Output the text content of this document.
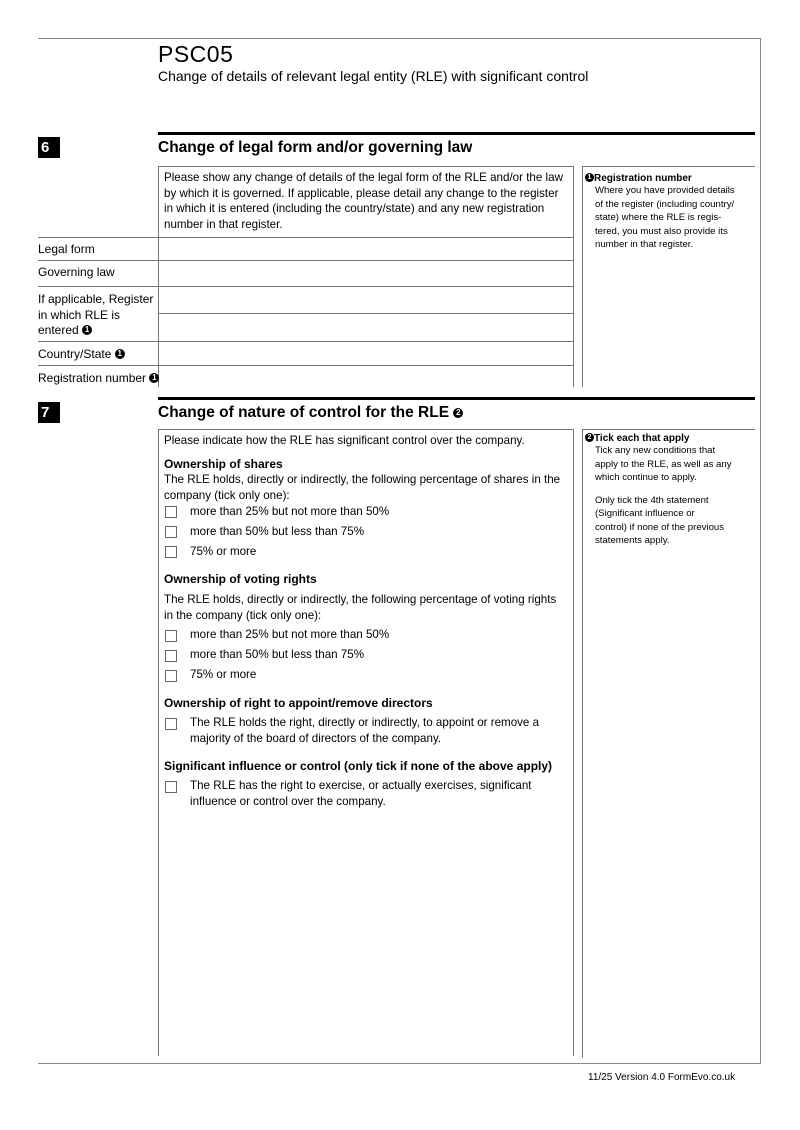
PSC05
Change of details of relevant legal entity (RLE) with significant control
6	Change of legal form and/or governing law
Please show any change of details of the legal form of the RLE and/or the law
by which it is governed. If applicable, please detail any change to the register
in which it is entered (including the country/state) and any new registration
number in that register.
Legal form
Governing law
If applicable, Register
in which RLE is
entered 1
Country/State 1
Registration number 1
1 Registration number
Where you have provided details
of the register (including country/
state) where the RLE is regis-
tered, you must also provide its
number in that register.
7	Change of nature of control for the RLE 2
Please indicate how the RLE has significant control over the company.
Ownership of shares
The RLE holds, directly or indirectly, the following percentage of shares in the
company (tick only one):
more than 25% but not more than 50%
more than 50% but less than 75%
75% or more
Ownership of voting rights
The RLE holds, directly or indirectly, the following percentage of voting rights
in the company (tick only one):
more than 25% but not more than 50%
more than 50% but less than 75%
75% or more
Ownership of right to appoint/remove directors
The RLE holds the right, directly or indirectly, to appoint or remove a
majority of the board of directors of the company.
Significant influence or control (only tick if none of the above apply)
The RLE has the right to exercise, or actually exercises, significant
influence or control over the company.
2 Tick each that apply
Tick any new conditions that
apply to the RLE, as well as any
which continue to apply.
Only tick the 4th statement
(Significant influence or
control) if none of the previous
statements apply.
11/25 Version 4.0 FormEvo.co.uk
